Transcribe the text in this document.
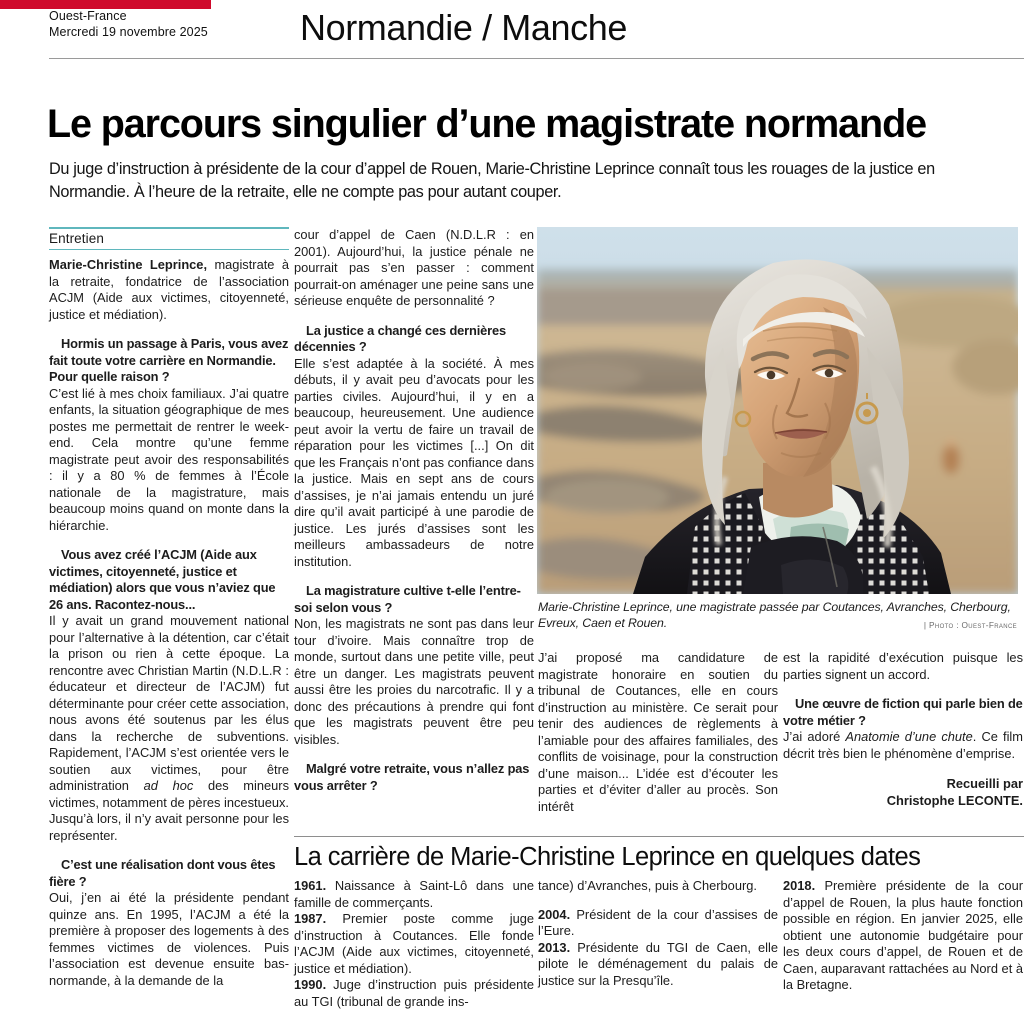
Ouest-France
Mercredi 19 novembre 2025	Normandie / Manche
Le parcours singulier d’une magistrate normande

Du juge d’instruction à présidente de la cour d’appel de Rouen, Marie-Christine Leprince connaît tous les rouages de la justice en Normandie. À l’heure de la retraite, elle ne compte pas pour autant couper.

Entretien

Marie-Christine Leprince, magistrate à la retraite, fondatrice de l’association ACJM (Aide aux victimes, citoyenneté, justice et médiation).

Hormis un passage à Paris, vous avez fait toute votre carrière en Normandie. Pour quelle raison ?

C’est lié à mes choix familiaux. J’ai quatre enfants, la situation géographique de mes postes me permettait de rentrer le week-end. Cela montre qu’une femme magistrate peut avoir des responsabilités : il y a 80 % de femmes à l’École nationale de la magistrature, mais beaucoup moins quand on monte dans la hiérarchie.

Vous avez créé l’ACJM (Aide aux victimes, citoyenneté, justice et médiation) alors que vous n’aviez que 26 ans. Racontez-nous...

Il y avait un grand mouvement national pour l’alternative à la détention, car c’était la prison ou rien à cette époque. La rencontre avec Christian Martin (N.D.L.R : éducateur et directeur de l’ACJM) fut déterminante pour créer cette association, nous avons été soutenus par les élus dans la recherche de subventions. Rapidement, l’ACJM s’est orientée vers le soutien aux victimes, pour être administration ad hoc des mineurs victimes, notamment de pères incestueux. Jusqu’à lors, il n’y avait personne pour les représenter.

C’est une réalisation dont vous êtes fière ?

Oui, j’en ai été la présidente pendant quinze ans. En 1995, l’ACJM a été la première à proposer des logements à des femmes victimes de violences. Puis l’association est devenue ensuite bas-normande, à la demande de la

cour d’appel de Caen (N.D.L.R : en 2001). Aujourd’hui, la justice pénale ne pourrait pas s’en passer : comment pourrait-on aménager une peine sans une sérieuse enquête de personnalité ?

La justice a changé ces dernières décennies ?

Elle s’est adaptée à la société. À mes débuts, il y avait peu d’avocats pour les parties civiles. Aujourd’hui, il y en a beaucoup, heureusement. Une audience peut avoir la vertu de faire un travail de réparation pour les victimes [...] On dit que les Français n’ont pas confiance dans la justice. Mais en sept ans de cours d’assises, je n’ai jamais entendu un juré dire qu’il avait participé à une parodie de justice. Les jurés d’assises sont les meilleurs ambassadeurs de notre institution.

La magistrature cultive t-elle l’entre-soi selon vous ?

Non, les magistrats ne sont pas dans leur tour d’ivoire. Mais connaître trop de monde, surtout dans une petite ville, peut être un danger. Les magistrats peuvent aussi être les proies du narcotrafic. Il y a donc des précautions à prendre qui font que les magistrats peuvent être peu visibles.

Malgré votre retraite, vous n’allez pas vous arrêter ?

Marie-Christine Leprince, une magistrate passée par Coutances, Avranches, Cherbourg, Evreux, Caen et Rouen.	| Photo : Ouest-France

J’ai proposé ma candidature de magistrate honoraire en soutien du tribunal de Coutances, elle en cours d’instruction au ministère. Ce serait pour tenir des audiences de règlements à l’amiable pour des affaires familiales, des conflits de voisinage, pour la construction d’une maison... L’idée est d’écouter les parties et d’éviter d’aller au procès. Son intérêt

est la rapidité d’exécution puisque les parties signent un accord.

Une œuvre de fiction qui parle bien de votre métier ?

J’ai adoré Anatomie d’une chute. Ce film décrit très bien le phénomène d’emprise.

Recueilli par
Christophe LECONTE.
La carrière de Marie-Christine Leprince en quelques dates

1961. Naissance à Saint-Lô dans une famille de commerçants.

1987. Premier poste comme juge d’instruction à Coutances. Elle fonde l’ACJM (Aide aux victimes, citoyenneté, justice et médiation).

1990. Juge d’instruction puis présidente au TGI (tribunal de grande ins-

tance) d’Avranches, puis à Cherbourg.

2004. Président de la cour d’assises de l’Eure.

2013. Présidente du TGI de Caen, elle pilote le déménagement du palais de justice sur la Presqu’île.

2018. Première présidente de la cour d’appel de Rouen, la plus haute fonction possible en région. En janvier 2025, elle obtient une autonomie budgétaire pour les deux cours d’appel, de Rouen et de Caen, auparavant rattachées au Nord et à la Bretagne.
